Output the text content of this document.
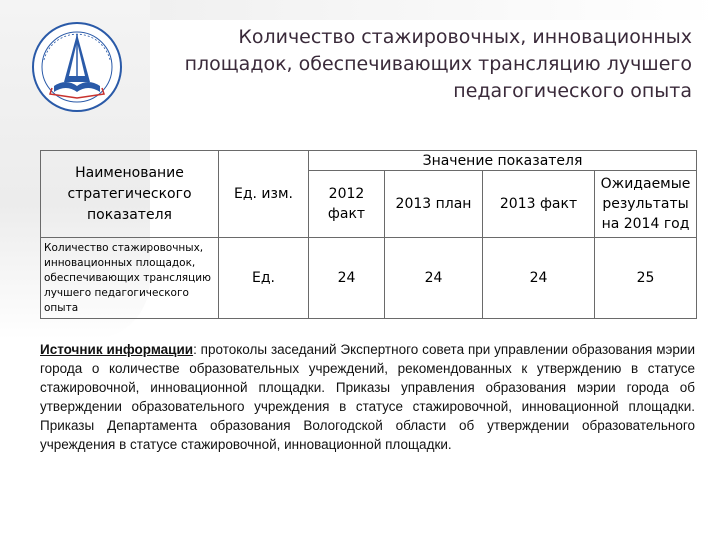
Количество стажировочных, инновационных
площадок, обеспечивающих трансляцию лучшего
педагогического опыта
Наименование стратегического показателя	Ед. изм.	Значение показателя			
		2012 факт	2013 план	2013 факт	Ожидаемые результаты на 2014 год
Количество стажировочных, инновационных площадок, обеспечивающих трансляцию лучшего педагогического опыта	Ед.	24	24	24	25
Источник информации: протоколы заседаний Экспертного совета при управлении образования мэрии города о количестве образовательных учреждений, рекомендованных к утверждению в статусе стажировочной, инновационной площадки. Приказы управления образования мэрии города об утверждении образовательного учреждения в статусе стажировочной, инновационной площадки. Приказы Департамента образования Вологодской области об утверждении образовательного учреждения в статусе стажировочной, инновационной площадки.
